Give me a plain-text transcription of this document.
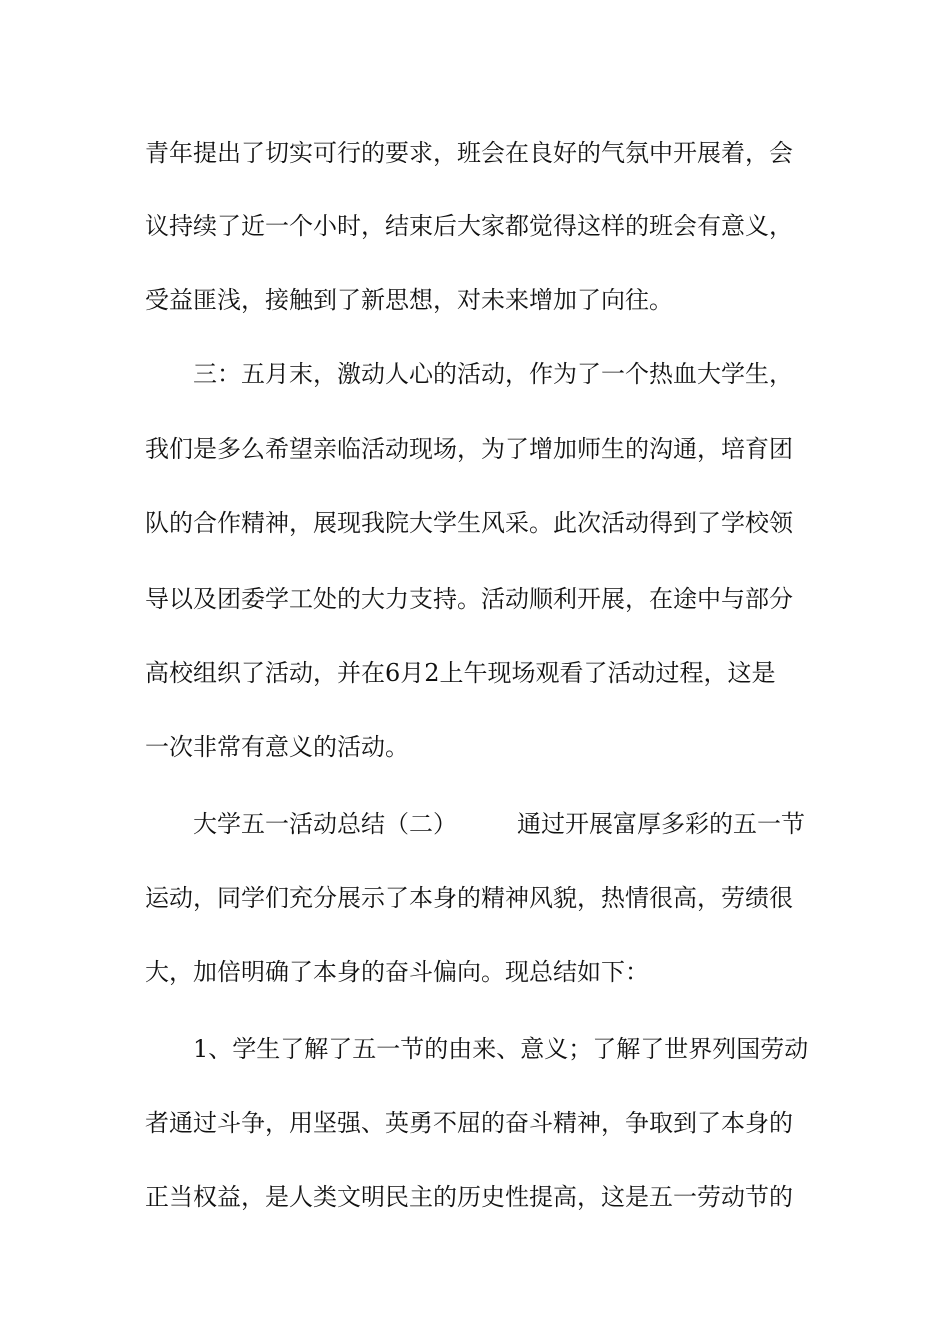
青年提出了切实可行的要求，班会在良好的气氛中开展着，会

议持续了近一个小时，结束后大家都觉得这样的班会有意义，

受益匪浅，接触到了新思想，对未来增加了向往。

　　三：五月末，激动人心的活动，作为了一个热血大学生，

我们是多么希望亲临活动现场，为了增加师生的沟通，培育团

队的合作精神，展现我院大学生风采。此次活动得到了学校领

导以及团委学工处的大力支持。活动顺利开展，在途中与部分

高校组织了活动，并在6月2上午现场观看了活动过程，这是

一次非常有意义的活动。

　　大学五一活动总结（二）　　　通过开展富厚多彩的五一节

运动，同学们充分展示了本身的精神风貌，热情很高，劳绩很

大，加倍明确了本身的奋斗偏向。现总结如下：

　　1、学生了解了五一节的由来、意义；了解了世界列国劳动

者通过斗争，用坚强、英勇不屈的奋斗精神，争取到了本身的

正当权益，是人类文明民主的历史性提高，这是五一劳动节的
